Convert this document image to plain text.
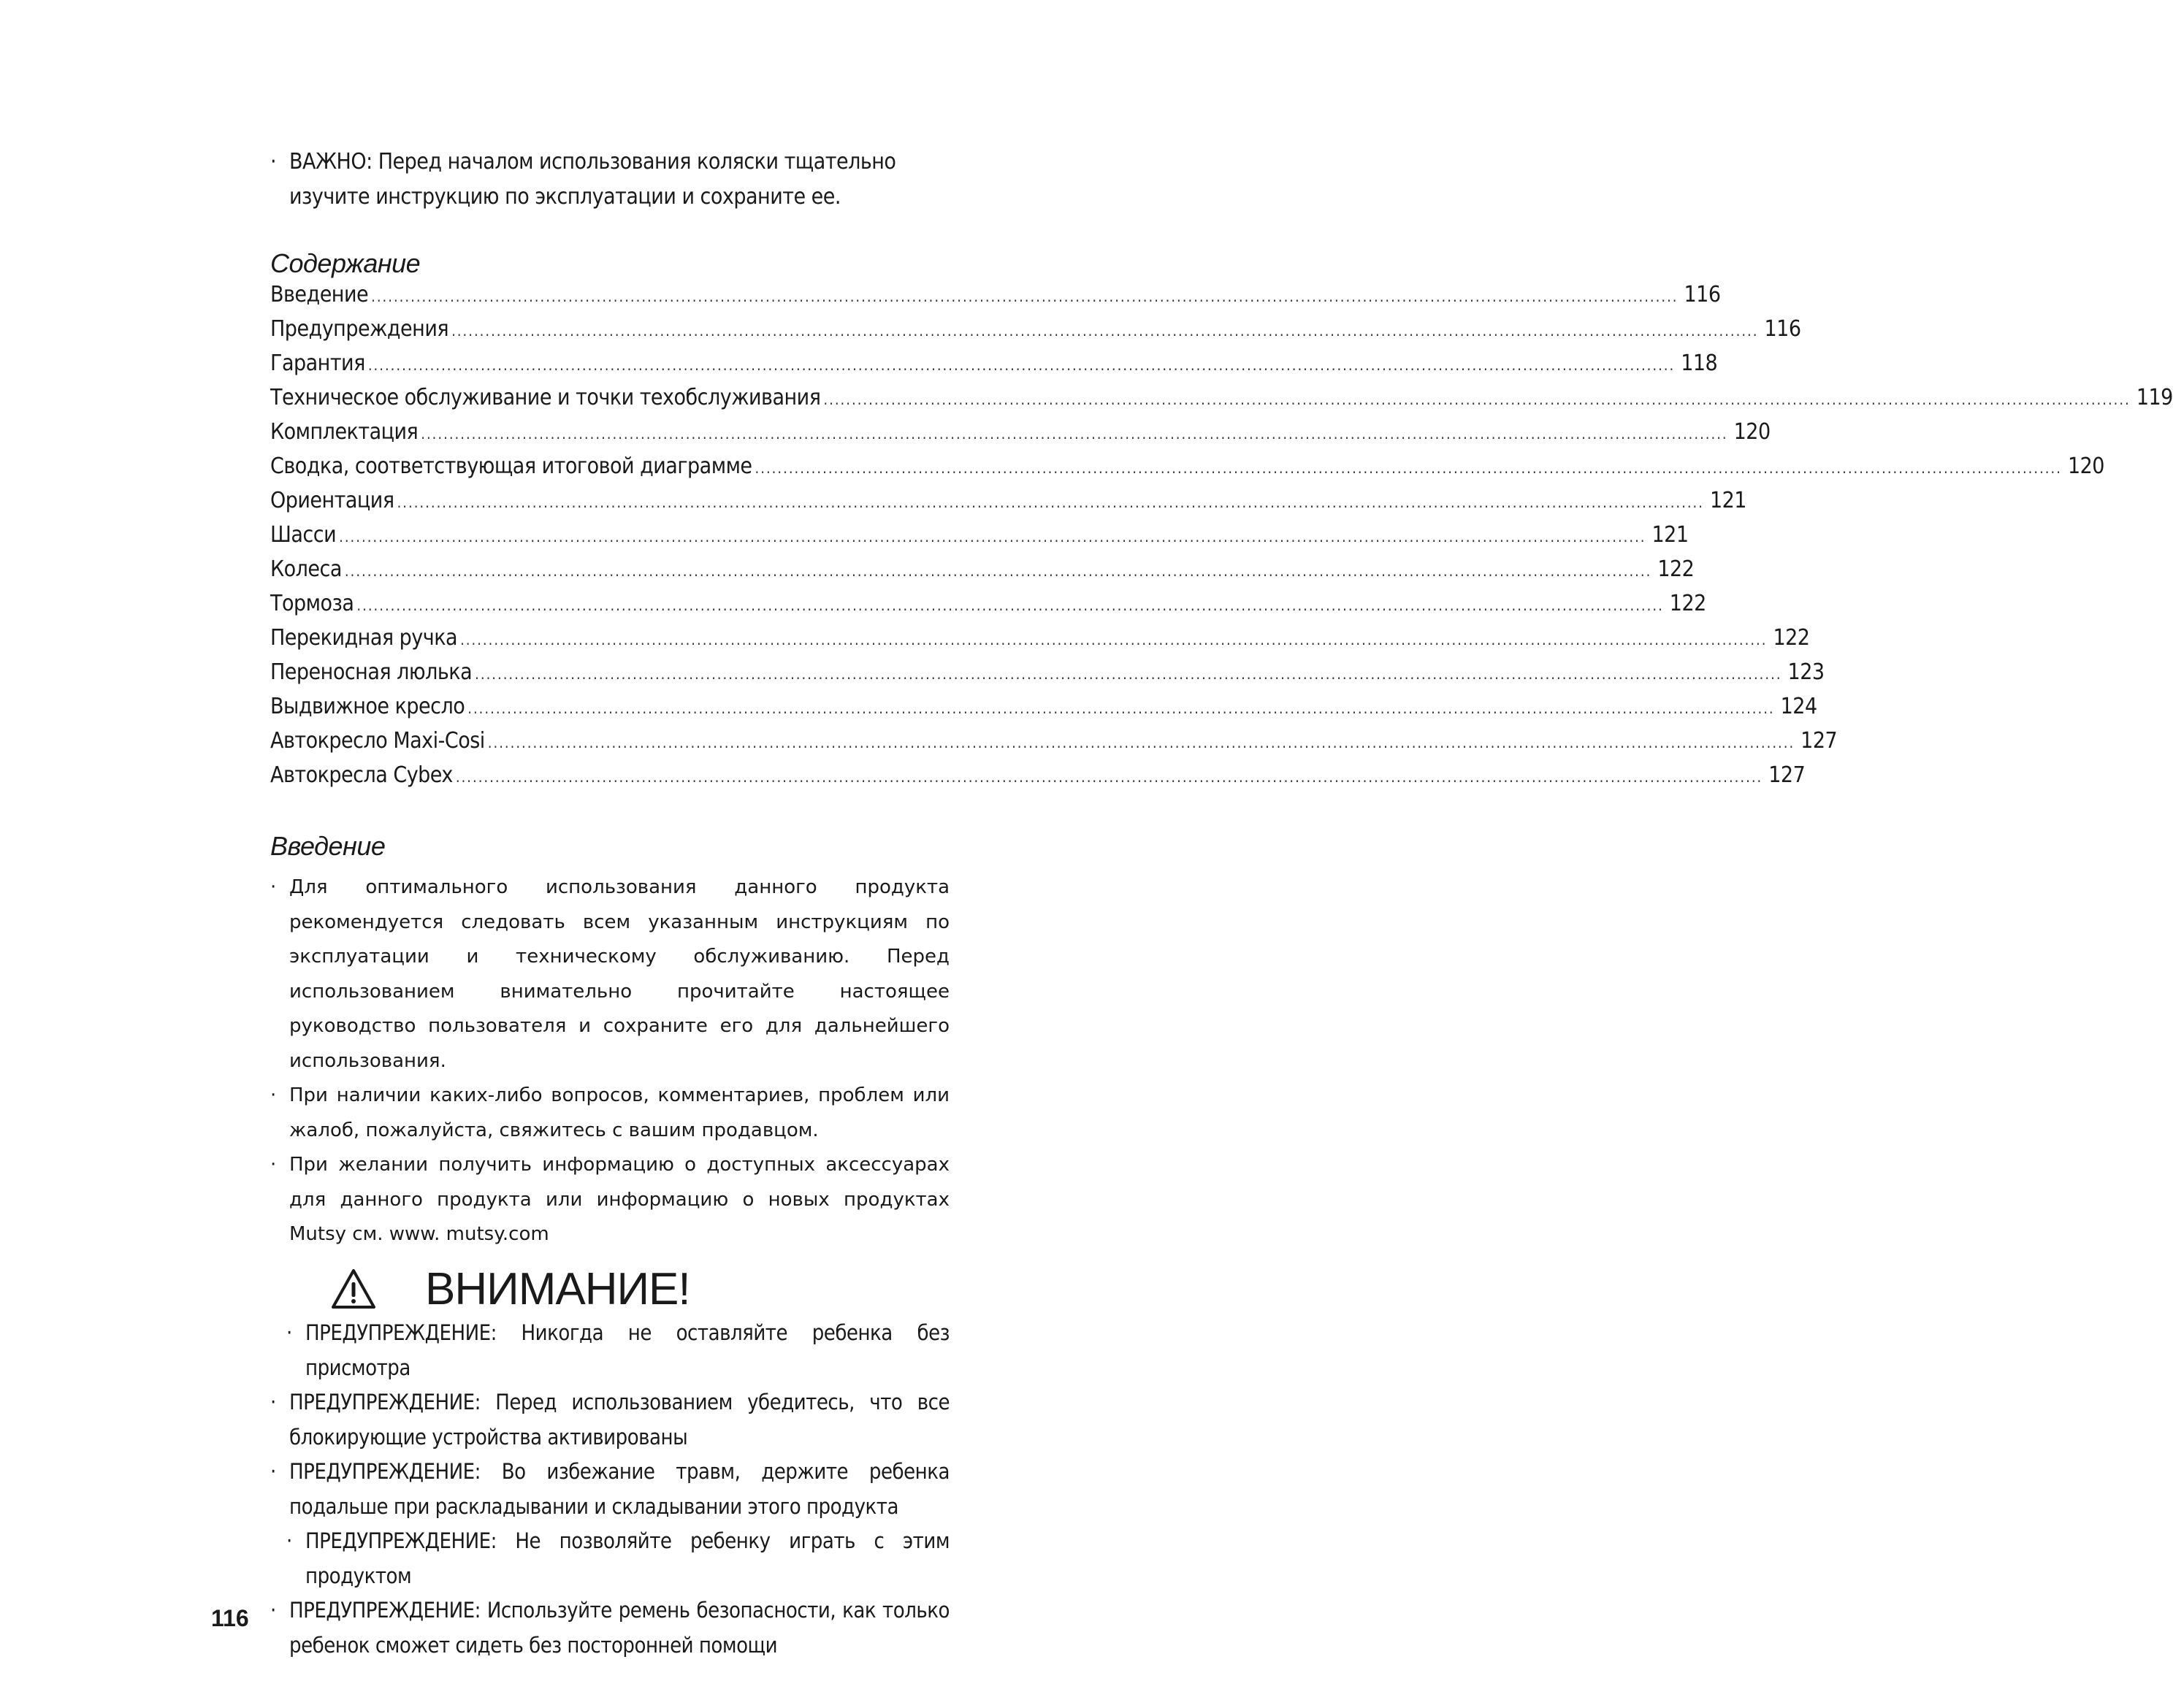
· ВАЖНО: Перед началом использования коляски тщательно изучите инструкцию по эксплуатации и сохраните ее.
Содержание
Введение .....	116
Предупреждения .....	116
Гарантия .....	118
Техническое обслуживание и точки техобслуживания .....	119
Комплектация .....	120
Сводка, соответствующая итоговой диаграмме .....	120
Ориентация .....	121
Шасси .....	121
Колеса .....	122
Тормоза .....	122
Перекидная ручка .....	122
Переносная люлька .....	123
Выдвижное кресло .....	124
Автокресло Maxi-Cosi .....	127
Автокресла Cybex .....	127
Введение
· Для оптимального использования данного продукта рекомендуется следовать всем указанным инструкциям по эксплуатации и техническому обслуживанию. Перед использованием внимательно прочитайте настоящее руководство пользователя и сохраните его для дальнейшего использования.
· При наличии каких-либо вопросов, комментариев, проблем или жалоб, пожалуйста, свяжитесь с вашим продавцом.
· При желании получить информацию о доступных аксессуарах для данного продукта или информацию о новых продуктах Mutsy см. www. mutsy.com
ВНИМАНИЕ!
· ПРЕДУПРЕЖДЕНИЕ: Никогда не оставляйте ребенка без присмотра
· ПРЕДУПРЕЖДЕНИЕ: Перед использованием убедитесь, что все блокирующие устройства активированы
· ПРЕДУПРЕЖДЕНИЕ: Во избежание травм, держите ребенка подальше при раскладывании и складывании этого продукта
· ПРЕДУПРЕЖДЕНИЕ: Не позволяйте ребенку играть с этим продуктом
· ПРЕДУПРЕЖДЕНИЕ: Используйте ремень безопасности, как только ребенок сможет сидеть без посторонней помощи
116
